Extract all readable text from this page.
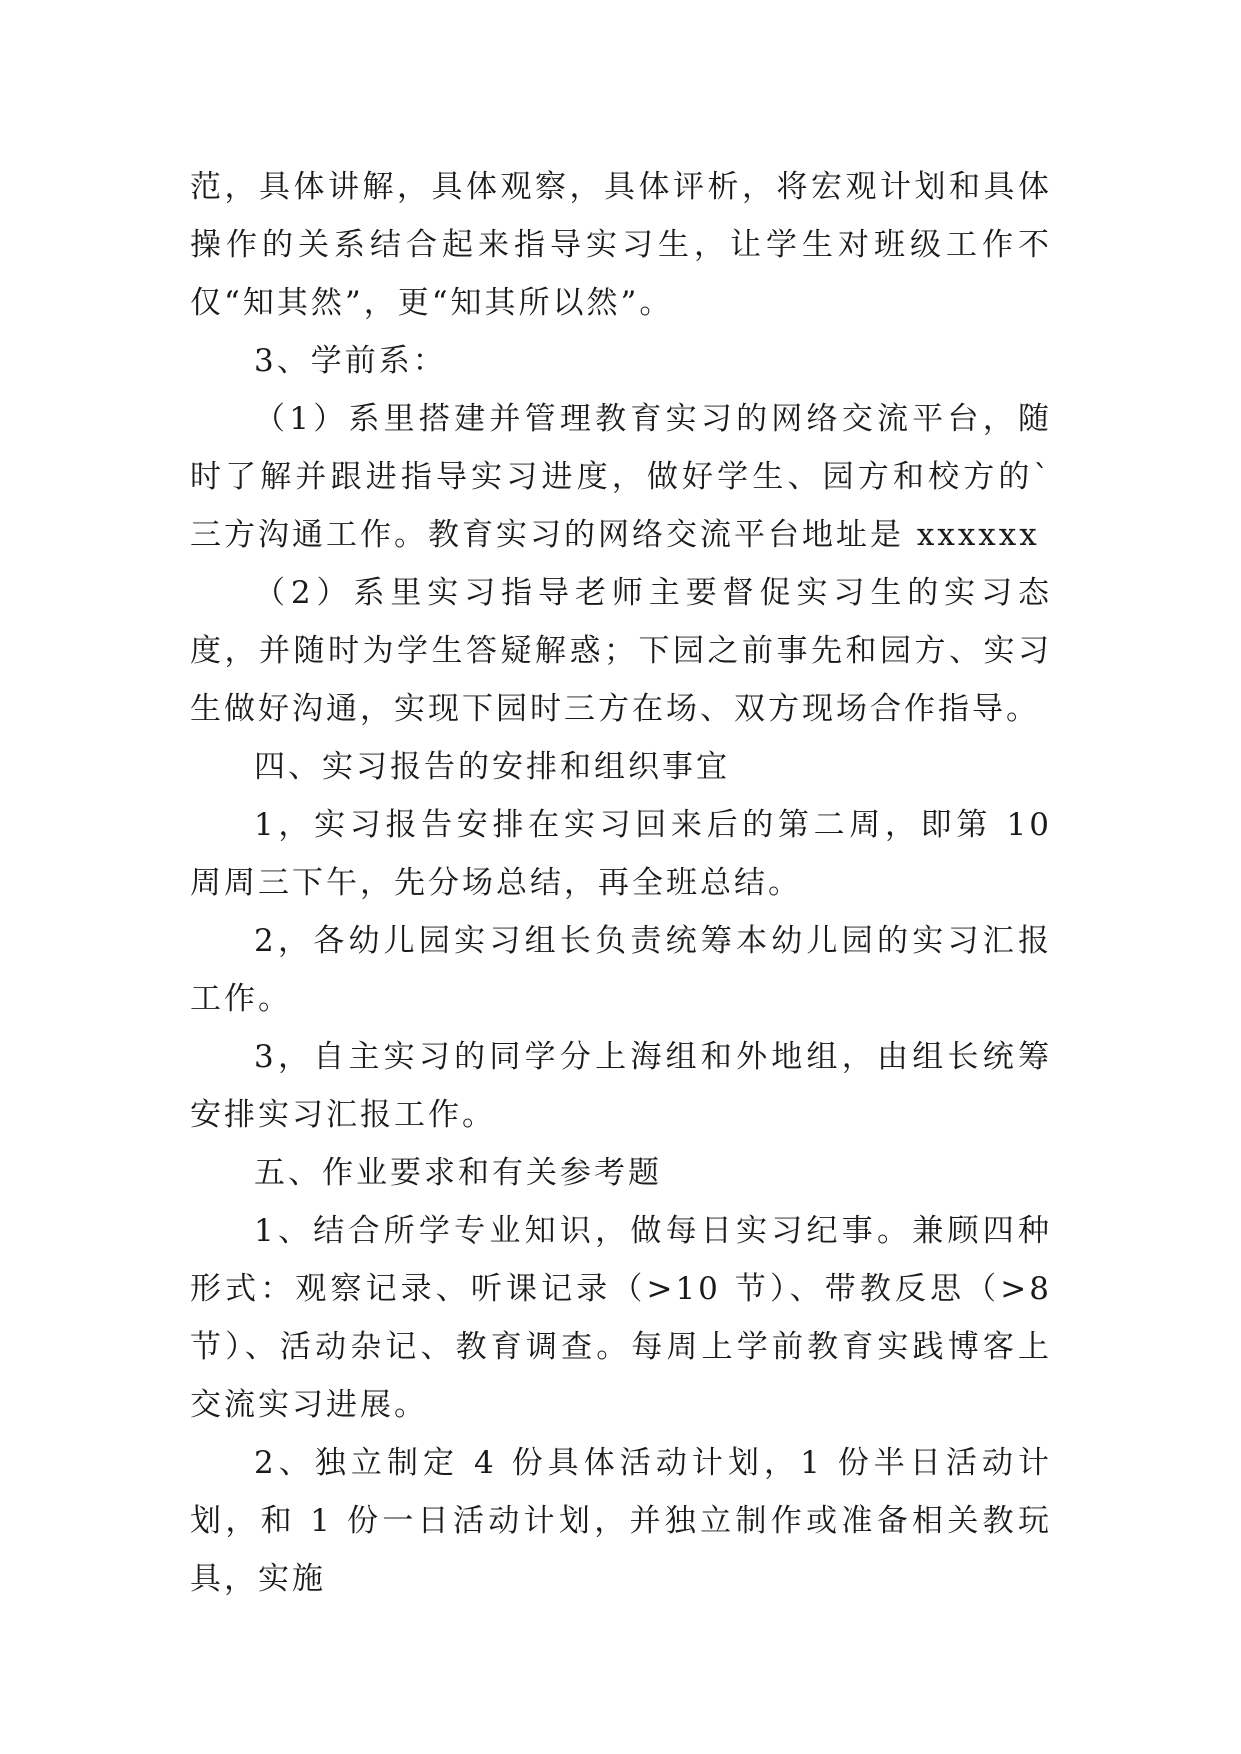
范，具体讲解，具体观察，具体评析，将宏观计划和具体操作的关系结合起来指导实习生，让学生对班级工作不仅“知其然”，更“知其所以然”。

3、学前系：

（1）系里搭建并管理教育实习的网络交流平台，随时了解并跟进指导实习进度，做好学生、园方和校方的`三方沟通工作。教育实习的网络交流平台地址是 xxxxxx

（2）系里实习指导老师主要督促实习生的实习态度，并随时为学生答疑解惑；下园之前事先和园方、实习生做好沟通，实现下园时三方在场、双方现场合作指导。

四、实习报告的安排和组织事宜

1，实习报告安排在实习回来后的第二周，即第 10 周周三下午，先分场总结，再全班总结。

2，各幼儿园实习组长负责统筹本幼儿园的实习汇报工作。

3，自主实习的同学分上海组和外地组，由组长统筹安排实习汇报工作。

五、作业要求和有关参考题

1、结合所学专业知识，做每日实习纪事。兼顾四种形式：观察记录、听课记录（>10 节）、带教反思（>8 节）、活动杂记、教育调查。每周上学前教育实践博客上交流实习进展。

2、独立制定 4 份具体活动计划，1 份半日活动计划，和 1 份一日活动计划，并独立制作或准备相关教玩具，实施
